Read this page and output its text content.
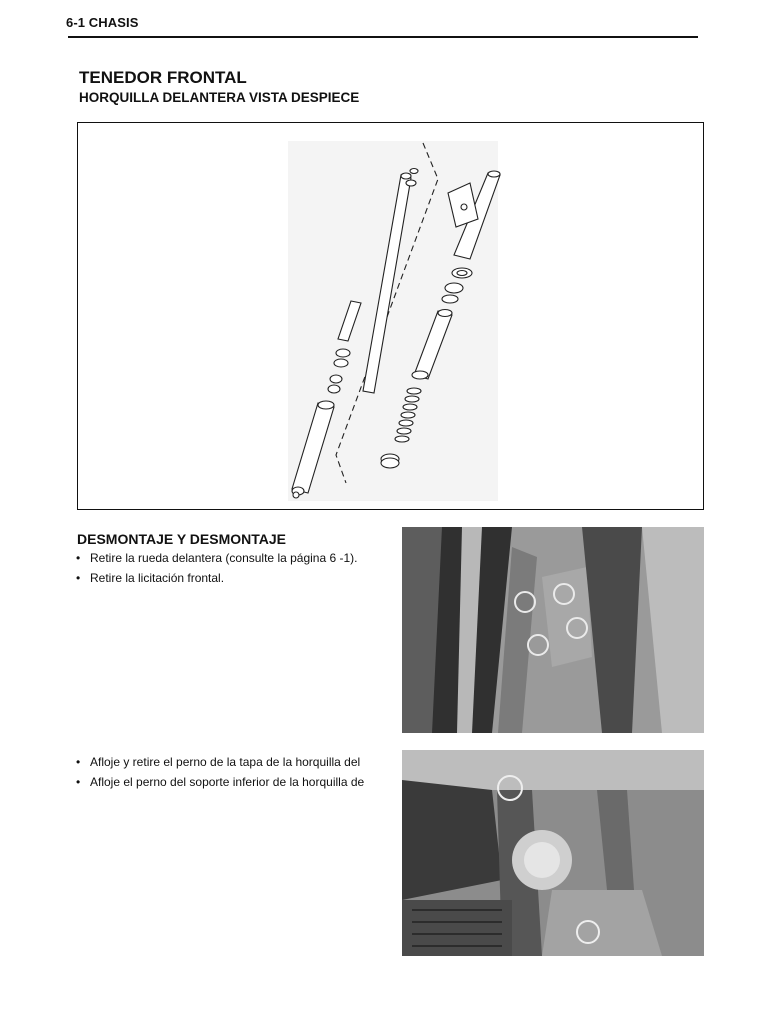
6-1 CHASIS
TENEDOR FRONTAL
HORQUILLA DELANTERA VISTA DESPIECE
DESMONTAJE Y DESMONTAJE
• Retire la rueda delantera (consulte la página 6 -1).
• Retire la licitación frontal.
• Afloje y retire el perno de la tapa de la horquilla del
• Afloje el perno del soporte inferior de la horquilla de
